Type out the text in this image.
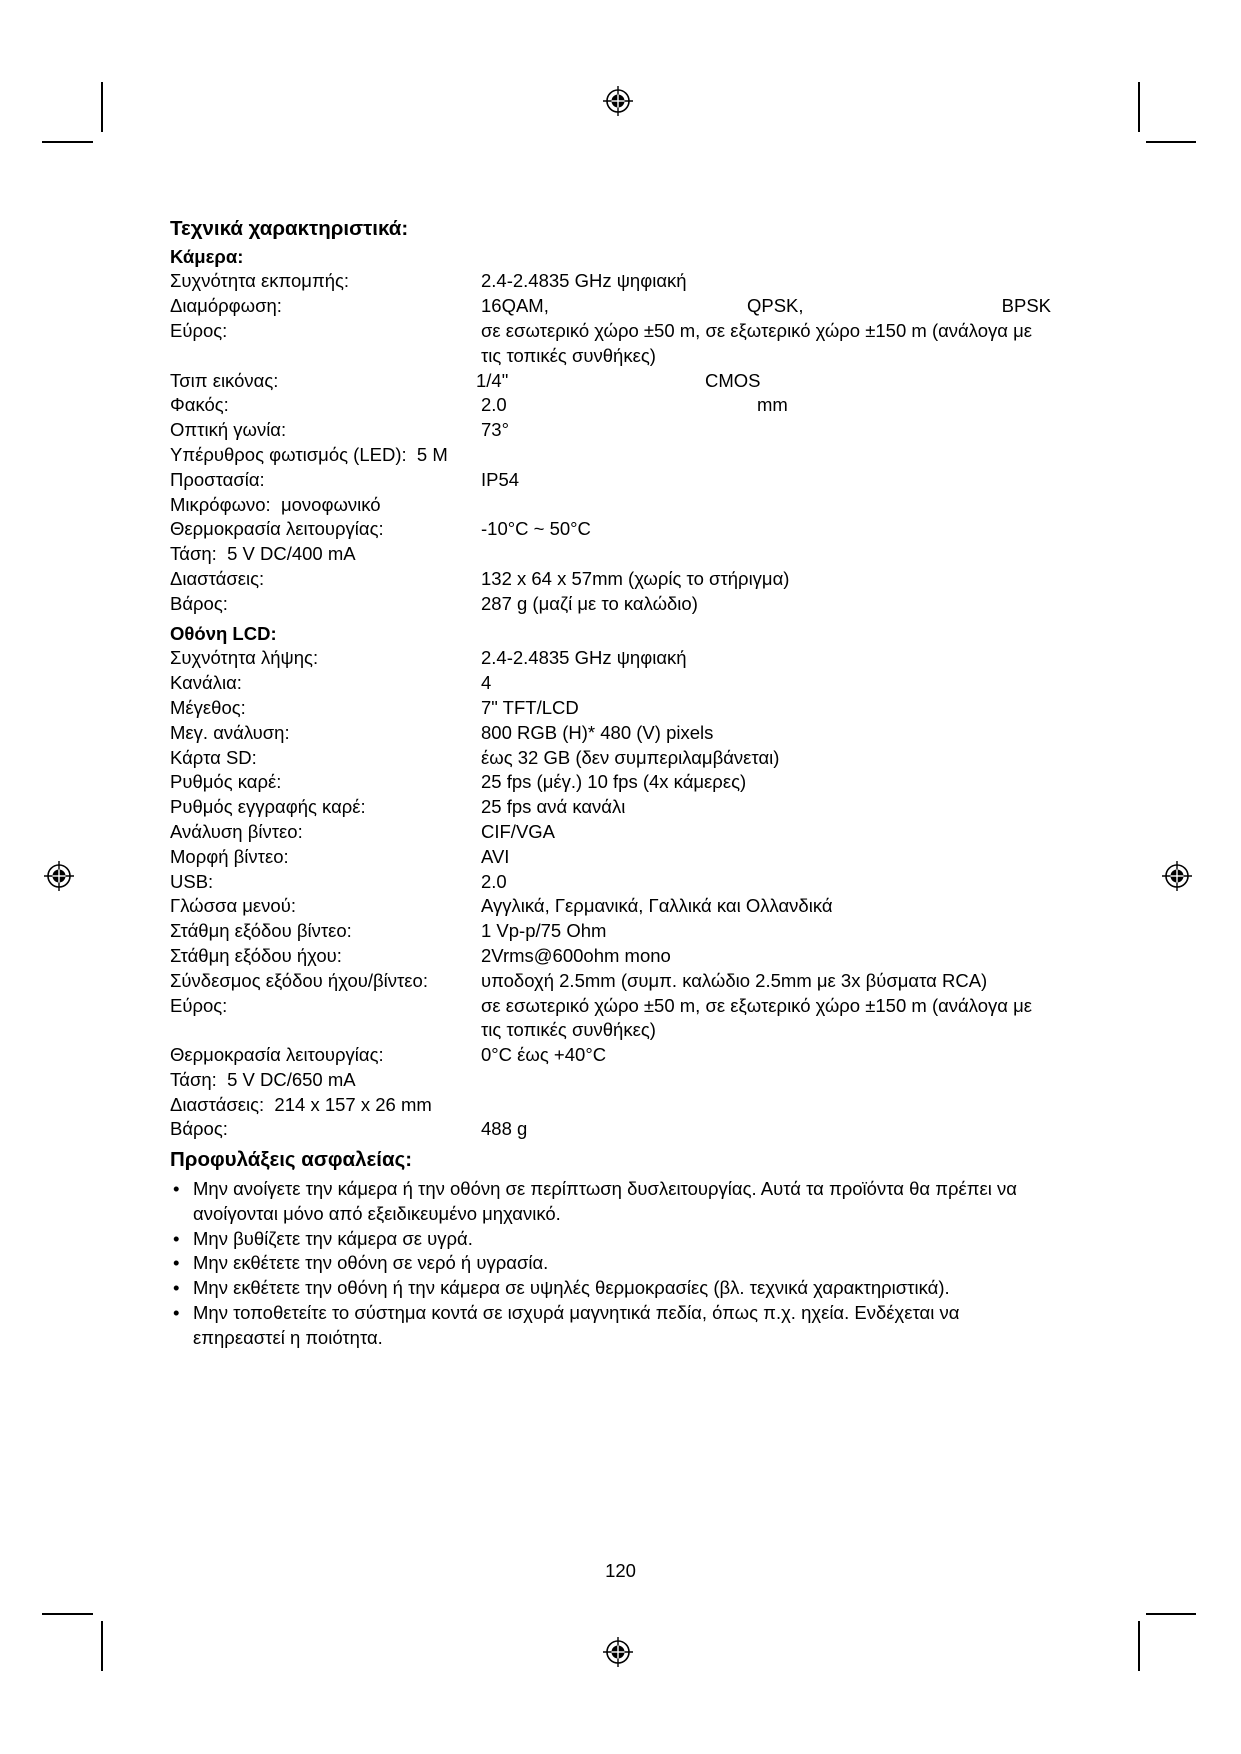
Τεχνικά χαρακτηριστικά:
Κάμερα:
Συχνότητα εκπομπής:	2.4-2.4835 GHz ψηφιακή
Διαμόρφωση:	16QAM,	QPSK,	BPSK
Εύρος:	σε εσωτερικό χώρο ±50 m, σε εξωτερικό χώρο ±150 m (ανάλογα με
τις τοπικές συνθήκες)
Τσιπ εικόνας:	1/4"	CMOS
Φακός:	2.0	mm
Οπτική γωνία:	73°
Υπέρυθρος φωτισμός (LED):  5 M
Προστασία:	IP54
Μικρόφωνο:  μονοφωνικό
Θερμοκρασία λειτουργίας:	-10°C ~ 50°C
Τάση:  5 V DC/400 mA
Διαστάσεις:	132 x 64 x 57mm (χωρίς το στήριγμα)
Βάρος:	287 g (μαζί με το καλώδιο)
Οθόνη LCD:
Συχνότητα λήψης:	2.4-2.4835 GHz ψηφιακή
Κανάλια:	4
Μέγεθος:	7" TFT/LCD
Μεγ. ανάλυση:	800 RGB (H)* 480 (V) pixels
Κάρτα SD:	έως 32 GB (δεν συμπεριλαμβάνεται)
Ρυθμός καρέ:	25 fps (μέγ.) 10 fps (4x κάμερες)
Ρυθμός εγγραφής καρέ:	25 fps ανά κανάλι
Ανάλυση βίντεο:	CIF/VGA
Μορφή βίντεο:	AVI
USB:	2.0
Γλώσσα μενού:	Αγγλικά, Γερμανικά, Γαλλικά και Ολλανδικά
Στάθμη εξόδου βίντεο:	1 Vp-p/75 Ohm
Στάθμη εξόδου ήχου:	2Vrms@600ohm mono
Σύνδεσμος εξόδου ήχου/βίντεο:	υποδοχή 2.5mm (συμπ. καλώδιο 2.5mm με 3x βύσματα RCA)
Εύρος:	σε εσωτερικό χώρο ±50 m, σε εξωτερικό χώρο ±150 m (ανάλογα με
τις τοπικές συνθήκες)
Θερμοκρασία λειτουργίας:	0°C έως +40°C
Τάση:  5 V DC/650 mA
Διαστάσεις:  214 x 157 x 26 mm
Βάρος:	488 g
Προφυλάξεις ασφαλείας:
• Μην ανοίγετε την κάμερα ή την οθόνη σε περίπτωση δυσλειτουργίας. Αυτά τα προϊόντα θα πρέπει να
ανοίγονται μόνο από εξειδικευμένο μηχανικό.
• Μην βυθίζετε την κάμερα σε υγρά.
• Μην εκθέτετε την οθόνη σε νερό ή υγρασία.
• Μην εκθέτετε την οθόνη ή την κάμερα σε υψηλές θερμοκρασίες (βλ. τεχνικά χαρακτηριστικά).
• Μην τοποθετείτε το σύστημα κοντά σε ισχυρά μαγνητικά πεδία, όπως π.χ. ηχεία. Ενδέχεται να
επηρεαστεί η ποιότητα.
120
